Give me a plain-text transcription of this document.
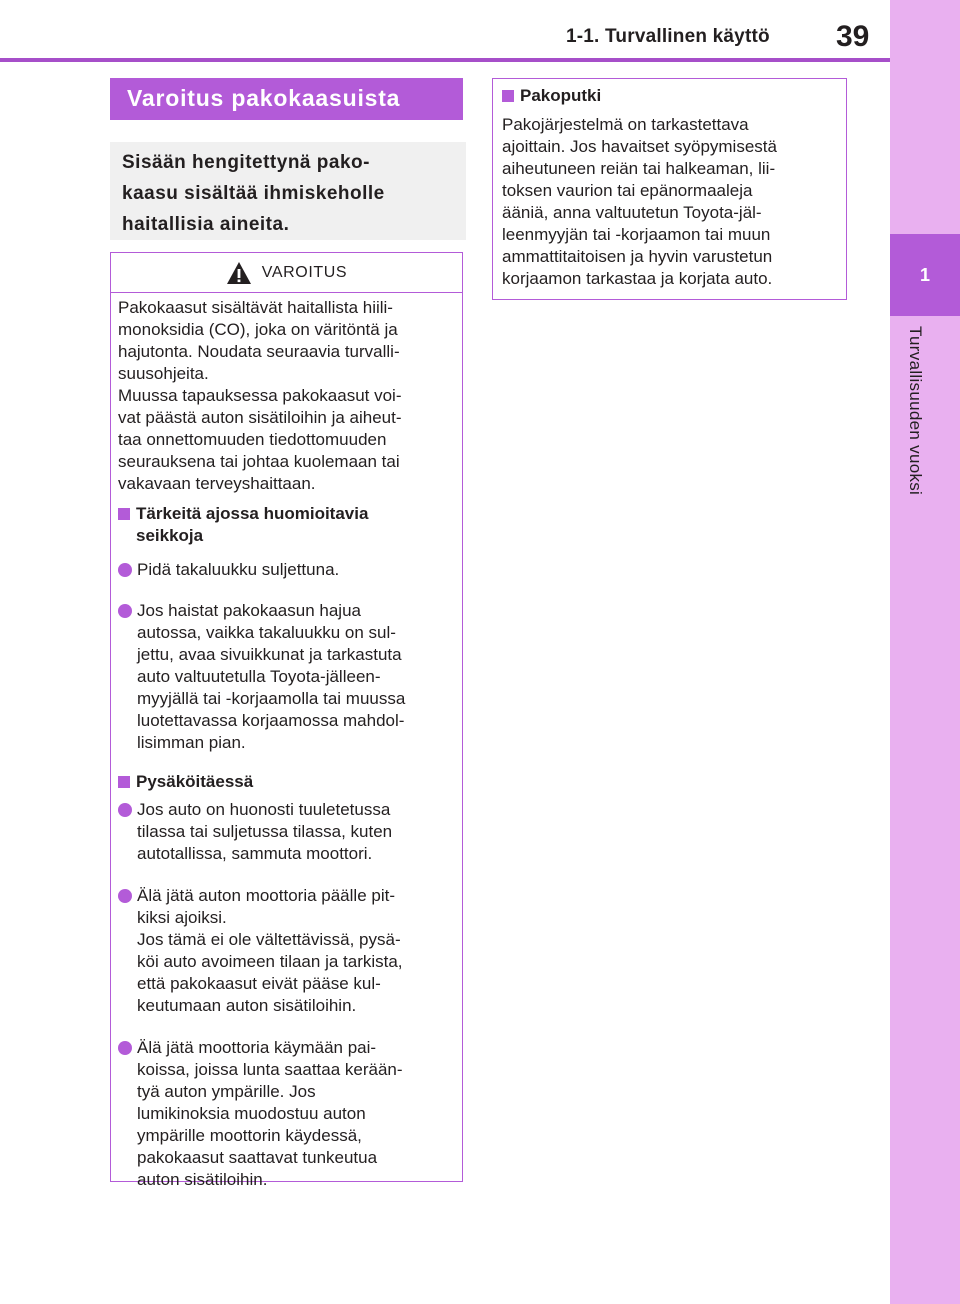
1-1. Turvallinen käyttö 39
1
Turvallisuuden vuoksi
Varoitus pakokaasuista
Sisään hengitettynä pako-
kaasu sisältää ihmiskeholle
haitallisia aineita.
VAROITUS
Pakokaasut sisältävät haitallista hiili-
monoksidia (CO), joka on väritöntä ja
hajutonta. Noudata seuraavia turvalli-
suusohjeita.
Muussa tapauksessa pakokaasut voi-
vat päästä auton sisätiloihin ja aiheut-
taa onnettomuuden tiedottomuuden
seurauksena tai johtaa kuolemaan tai
vakavaan terveyshaittaan.
Tärkeitä ajossa huomioitavia
seikkoja
Pidä takaluukku suljettuna.
Jos haistat pakokaasun hajua
autossa, vaikka takaluukku on sul-
jettu, avaa sivuikkunat ja tarkastuta
auto valtuutetulla Toyota-jälleen-
myyjällä tai -korjaamolla tai muussa
luotettavassa korjaamossa mahdol-
lisimman pian.
Pysäköitäessä
Jos auto on huonosti tuuletetussa
tilassa tai suljetussa tilassa, kuten
autotallissa, sammuta moottori.
Älä jätä auton moottoria päälle pit-
kiksi ajoiksi.
Jos tämä ei ole vältettävissä, pysä-
köi auto avoimeen tilaan ja tarkista,
että pakokaasut eivät pääse kul-
keutumaan auton sisätiloihin.
Älä jätä moottoria käymään pai-
koissa, joissa lunta saattaa kerään-
tyä auton ympärille. Jos
lumikinoksia muodostuu auton
ympärille moottorin käydessä,
pakokaasut saattavat tunkeutua
auton sisätiloihin.
Pakoputki
Pakojärjestelmä on tarkastettava
ajoittain. Jos havaitset syöpymisestä
aiheutuneen reiän tai halkeaman, lii-
toksen vaurion tai epänormaaleja
ääniä, anna valtuutetun Toyota-jäl-
leenmyyjän tai -korjaamon tai muun
ammattitaitoisen ja hyvin varustetun
korjaamon tarkastaa ja korjata auto.
